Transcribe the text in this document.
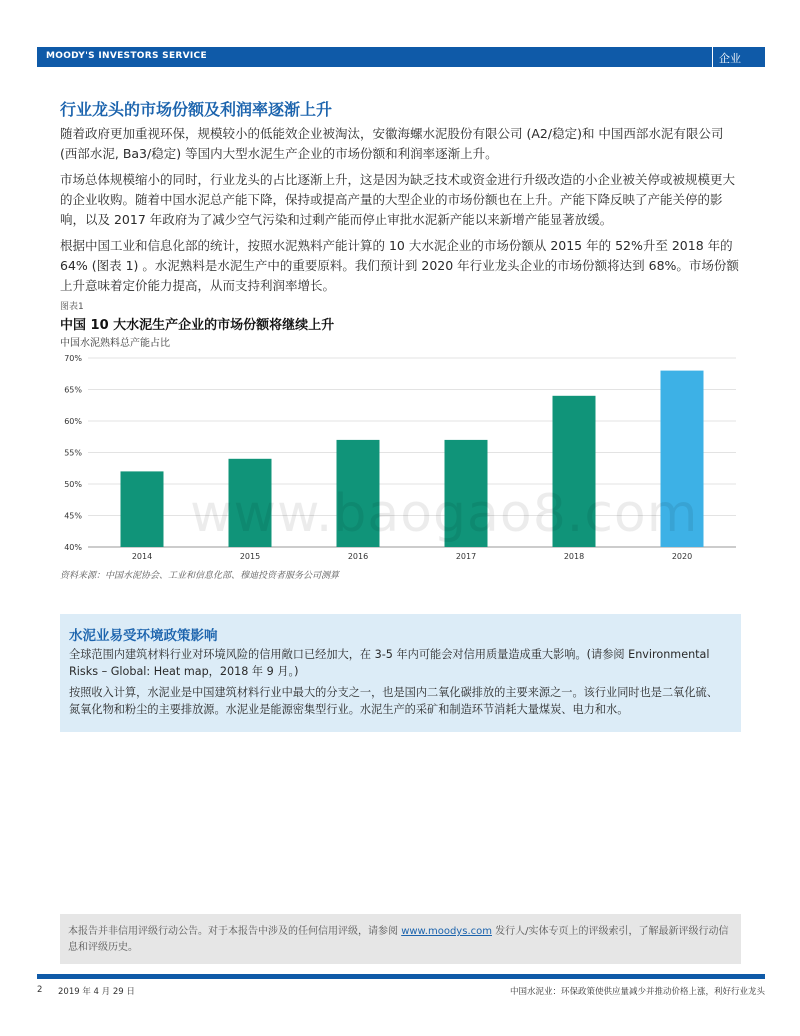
MOODY'S INVESTORS SERVICE	企业
行业龙头的市场份额及利润率逐渐上升
随着政府更加重视环保，规模较小的低能效企业被淘汰，安徽海螺水泥股份有限公司 (A2/稳定)和 中国西部水泥有限公司 (西部水泥, Ba3/稳定) 等国内大型水泥生产企业的市场份额和利润率逐渐上升。
市场总体规模缩小的同时，行业龙头的占比逐渐上升，这是因为缺乏技术或资金进行升级改造的小企业被关停或被规模更大的企业收购。随着中国水泥总产能下降，保持或提高产量的大型企业的市场份额也在上升。产能下降反映了产能关停的影响，以及 2017 年政府为了减少空气污染和过剩产能而停止审批水泥新产能以来新增产能显著放缓。
根据中国工业和信息化部的统计，按照水泥熟料产能计算的 10 大水泥企业的市场份额从 2015 年的 52%升至 2018 年的64% (图表 1) 。水泥熟料是水泥生产中的重要原料。我们预计到 2020 年行业龙头企业的市场份额将达到 68%。市场份额上升意味着定价能力提高，从而支持利润率增长。
图表1
中国 10 大水泥生产企业的市场份额将继续上升
中国水泥熟料总产能占比
40%
45%
50%
55%
60%
65%
70%
2014	2015	2016	2017	2018	2020
资料来源：中国水泥协会、工业和信息化部、穆迪投资者服务公司测算
www.baogao8.com
水泥业易受环境政策影响
全球范围内建筑材料行业对环境风险的信用敞口已经加大，在 3-5 年内可能会对信用质量造成重大影响。(请参阅 Environmental Risks – Global: Heat map，2018 年 9 月。)
按照收入计算，水泥业是中国建筑材料行业中最大的分支之一，也是国内二氧化碳排放的主要来源之一。该行业同时也是二氧化硫、氮氧化物和粉尘的主要排放源。水泥业是能源密集型行业。水泥生产的采矿和制造环节消耗大量煤炭、电力和水。
本报告并非信用评级行动公告。对于本报告中涉及的任何信用评级，请参阅 www.moodys.com 发行人/实体专页上的评级索引，了解最新评级行动信息和评级历史。
2 2019 年 4 月 29 日	中国水泥业：环保政策使供应量减少并推动价格上涨，利好行业龙头
